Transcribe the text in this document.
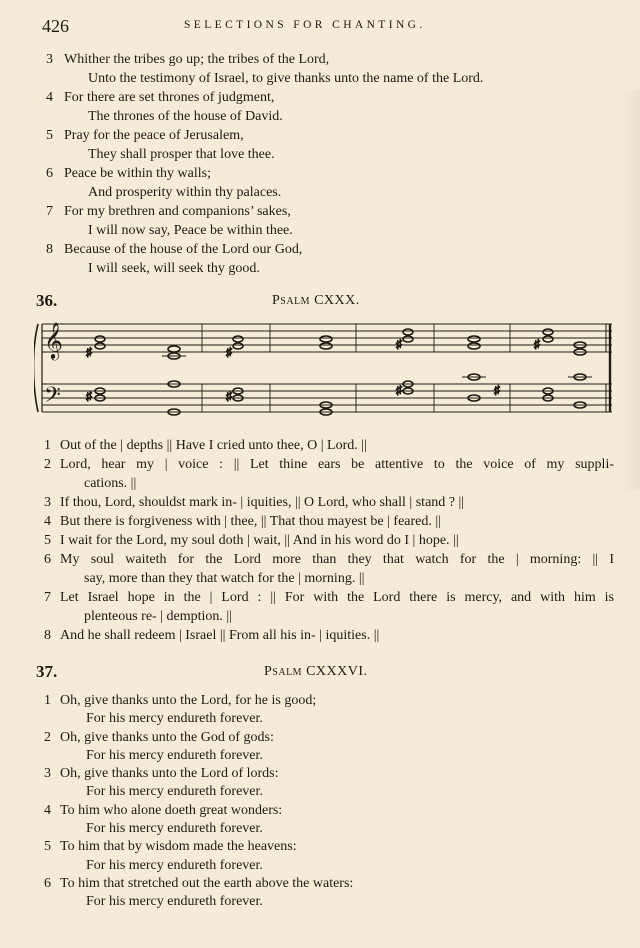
426	SELECTIONS FOR CHANTING.
3 Whither the tribes go up; the tribes of the Lord,
Unto the testimony of Israel, to give thanks unto the name of the Lord.
4 For there are set thrones of judgment,
The thrones of the house of David.
5 Pray for the peace of Jerusalem,
They shall prosper that love thee.
6 Peace be within thy walls;
And prosperity within thy palaces.
7 For my brethren and companions’ sakes,
I will now say, Peace be within thee.
8 Because of the house of the Lord our God,
I will seek, will seek thy good.
36.	Psalm CXXX.
𝄞
𝄢
♯	♯
♯
♯	♯	♯	♯
♯
1 Out of the | depths || Have I cried unto thee, O | Lord. ||
2 Lord, hear my | voice : || Let thine ears be attentive to the voice of my suppli-
cations. ||
3 If thou, Lord, shouldst mark in- | iquities, || O Lord, who shall | stand ? ||
4 But there is forgiveness with | thee, || That thou mayest be | feared. ||
5 I wait for the Lord, my soul doth | wait, || And in his word do I | hope. ||
6 My soul waiteth for the Lord more than they that watch for the | morning: || I
say, more than they that watch for the | morning. ||
7 Let Israel hope in the | Lord : || For with the Lord there is mercy, and with him is
plenteous re- | demption. ||
8 And he shall redeem | Israel || From all his in- | iquities. ||
37.	Psalm CXXXVI.
1 Oh, give thanks unto the Lord, for he is good;
For his mercy endureth forever.
2 Oh, give thanks unto the God of gods:
For his mercy endureth forever.
3 Oh, give thanks unto the Lord of lords:
For his mercy endureth forever.
4 To him who alone doeth great wonders:
For his mercy endureth forever.
5 To him that by wisdom made the heavens:
For his mercy endureth forever.
6 To him that stretched out the earth above the waters:
For his mercy endureth forever.
